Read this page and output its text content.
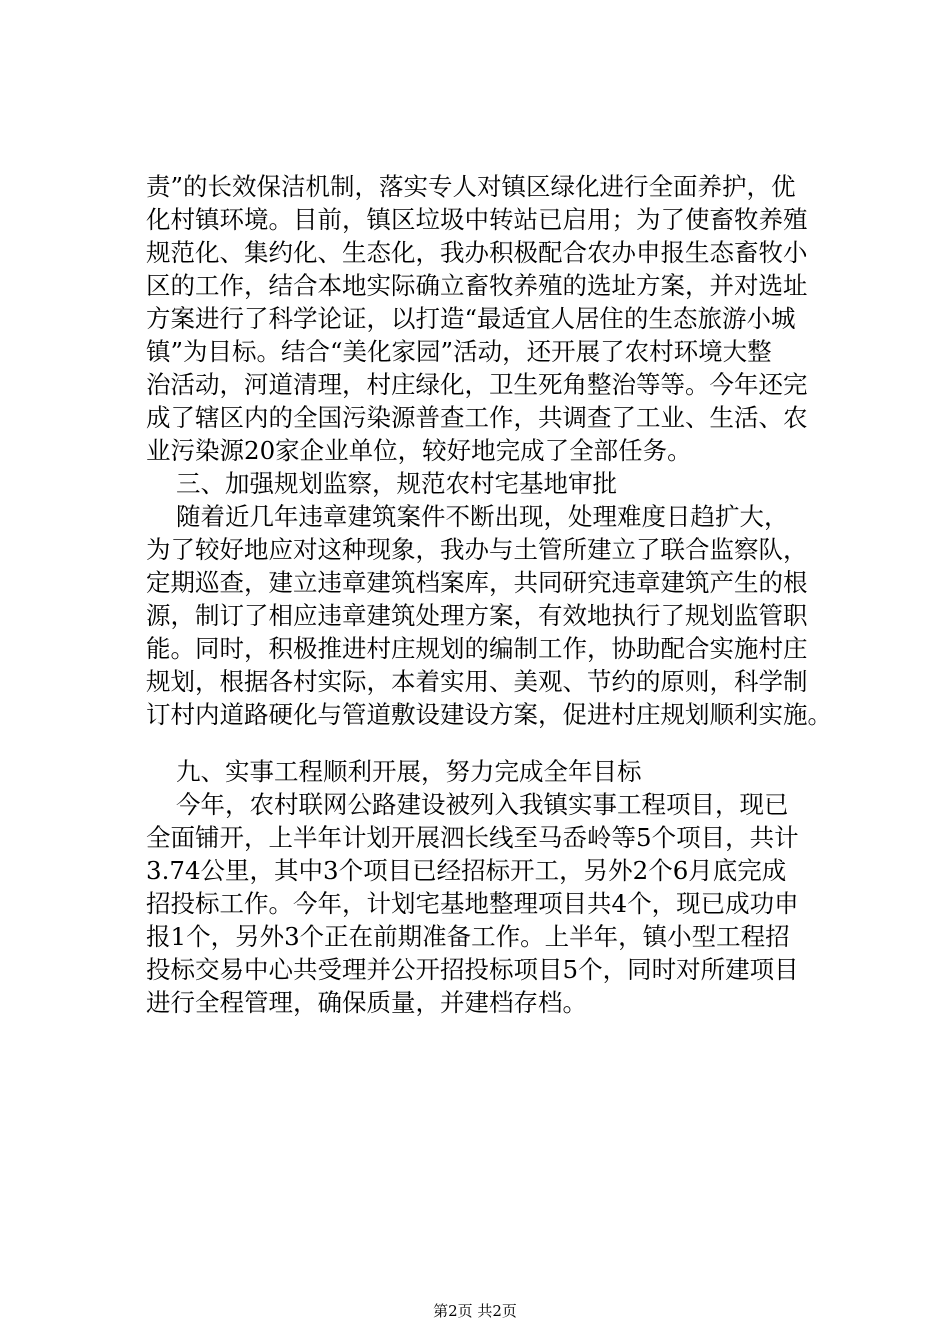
责”的长效保洁机制，落实专人对镇区绿化进行全面养护，优

化村镇环境。目前，镇区垃圾中转站已启用；为了使畜牧养殖

规范化、集约化、生态化，我办积极配合农办申报生态畜牧小

区的工作，结合本地实际确立畜牧养殖的选址方案，并对选址

方案进行了科学论证，以打造“最适宜人居住的生态旅游小城

镇”为目标。结合“美化家园”活动，还开展了农村环境大整

治活动，河道清理，村庄绿化，卫生死角整治等等。今年还完

成了辖区内的全国污染源普查工作，共调查了工业、生活、农

业污染源20家企业单位，较好地完成了全部任务。

三、加强规划监察，规范农村宅基地审批

随着近几年违章建筑案件不断出现，处理难度日趋扩大，

为了较好地应对这种现象，我办与土管所建立了联合监察队，

定期巡查，建立违章建筑档案库，共同研究违章建筑产生的根

源，制订了相应违章建筑处理方案，有效地执行了规划监管职

能。同时，积极推进村庄规划的编制工作，协助配合实施村庄

规划，根据各村实际，本着实用、美观、节约的原则，科学制

订村内道路硬化与管道敷设建设方案，促进村庄规划顺利实施。

九、实事工程顺利开展，努力完成全年目标

今年，农村联网公路建设被列入我镇实事工程项目，现已

全面铺开，上半年计划开展泗长线至马岙岭等5个项目，共计

3.74公里，其中3个项目已经招标开工，另外2个6月底完成

招投标工作。今年，计划宅基地整理项目共4个，现已成功申

报1个，另外3个正在前期准备工作。上半年，镇小型工程招

投标交易中心共受理并公开招投标项目5个，同时对所建项目

进行全程管理，确保质量，并建档存档。

第2页 共2页
